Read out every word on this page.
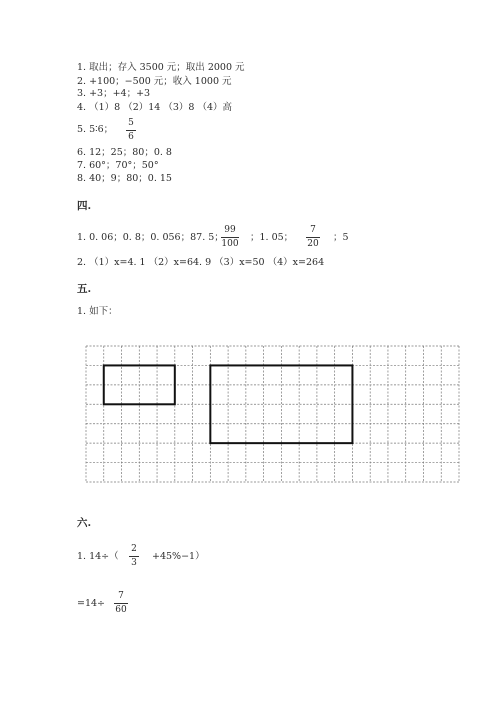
1. 取出；存入 3500 元；取出 2000 元
2. +100；−500 元；收入 1000 元
3. +3；+4；+3
4. （1）8 （2）14 （3）8 （4）高
5. 5∶6；
5
6
6. 12；25；80；0. 8
7. 60°；70°；50°
8. 40；9；80；0. 15
四.
1. 0. 06；0. 8；0. 056；87. 5；
99
100
；1. 05；
7
20
；5
2. （1）x=4. 1 （2）x=64. 9 （3）x=50 （4）x=264
五.
1. 如下：
六.
1. 14÷（
2
3
+45%−1）
=14÷
7
60
